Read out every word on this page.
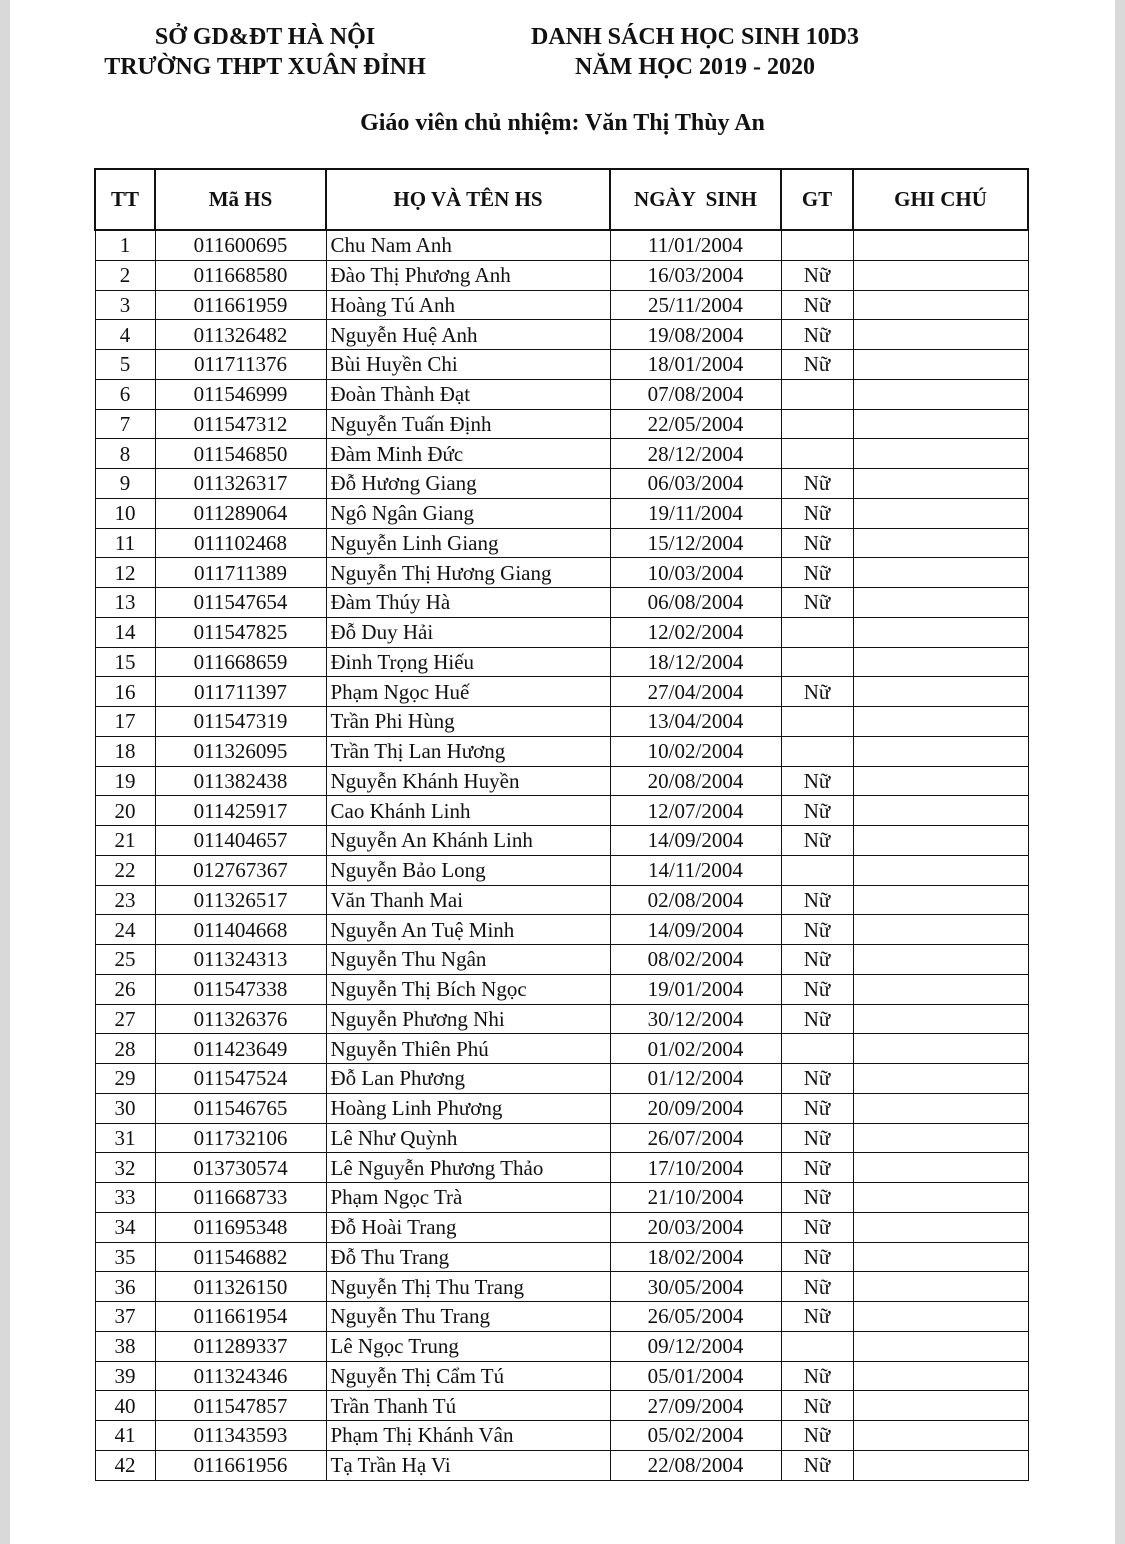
SỞ GD&ĐT HÀ NỘI
TRƯỜNG THPT XUÂN ĐỈNH
DANH SÁCH HỌC SINH 10D3
NĂM HỌC 2019 - 2020
Giáo viên chủ nhiệm: Văn Thị Thùy An
TT	Mã HS	HỌ VÀ TÊN HS	NGÀY  SINH	GT	GHI CHÚ
1	011600695	Chu Nam Anh	11/01/2004		
2	011668580	Đào Thị Phương Anh	16/03/2004	Nữ	
3	011661959	Hoàng Tú Anh	25/11/2004	Nữ	
4	011326482	Nguyễn Huệ Anh	19/08/2004	Nữ	
5	011711376	Bùi Huyền Chi	18/01/2004	Nữ	
6	011546999	Đoàn Thành Đạt	07/08/2004		
7	011547312	Nguyễn Tuấn Định	22/05/2004		
8	011546850	Đàm Minh Đức	28/12/2004		
9	011326317	Đỗ Hương Giang	06/03/2004	Nữ	
10	011289064	Ngô Ngân Giang	19/11/2004	Nữ	
11	011102468	Nguyễn Linh Giang	15/12/2004	Nữ	
12	011711389	Nguyễn Thị Hương Giang	10/03/2004	Nữ	
13	011547654	Đàm Thúy Hà	06/08/2004	Nữ	
14	011547825	Đỗ Duy Hải	12/02/2004		
15	011668659	Đinh Trọng Hiếu	18/12/2004		
16	011711397	Phạm Ngọc Huế	27/04/2004	Nữ	
17	011547319	Trần Phi Hùng	13/04/2004		
18	011326095	Trần Thị Lan Hương	10/02/2004		
19	011382438	Nguyễn Khánh Huyền	20/08/2004	Nữ	
20	011425917	Cao Khánh Linh	12/07/2004	Nữ	
21	011404657	Nguyễn An Khánh Linh	14/09/2004	Nữ	
22	012767367	Nguyễn Bảo Long	14/11/2004		
23	011326517	Văn Thanh Mai	02/08/2004	Nữ	
24	011404668	Nguyễn An Tuệ Minh	14/09/2004	Nữ	
25	011324313	Nguyễn Thu Ngân	08/02/2004	Nữ	
26	011547338	Nguyễn Thị Bích Ngọc	19/01/2004	Nữ	
27	011326376	Nguyễn Phương Nhi	30/12/2004	Nữ	
28	011423649	Nguyễn Thiên Phú	01/02/2004		
29	011547524	Đỗ Lan Phương	01/12/2004	Nữ	
30	011546765	Hoàng Linh Phương	20/09/2004	Nữ	
31	011732106	Lê Như Quỳnh	26/07/2004	Nữ	
32	013730574	Lê Nguyễn Phương Thảo	17/10/2004	Nữ	
33	011668733	Phạm Ngọc Trà	21/10/2004	Nữ	
34	011695348	Đỗ Hoài Trang	20/03/2004	Nữ	
35	011546882	Đỗ Thu Trang	18/02/2004	Nữ	
36	011326150	Nguyễn Thị Thu Trang	30/05/2004	Nữ	
37	011661954	Nguyễn Thu Trang	26/05/2004	Nữ	
38	011289337	Lê Ngọc Trung	09/12/2004		
39	011324346	Nguyễn Thị Cẩm Tú	05/01/2004	Nữ	
40	011547857	Trần Thanh Tú	27/09/2004	Nữ	
41	011343593	Phạm Thị Khánh Vân	05/02/2004	Nữ	
42	011661956	Tạ Trần Hạ Vi	22/08/2004	Nữ	
